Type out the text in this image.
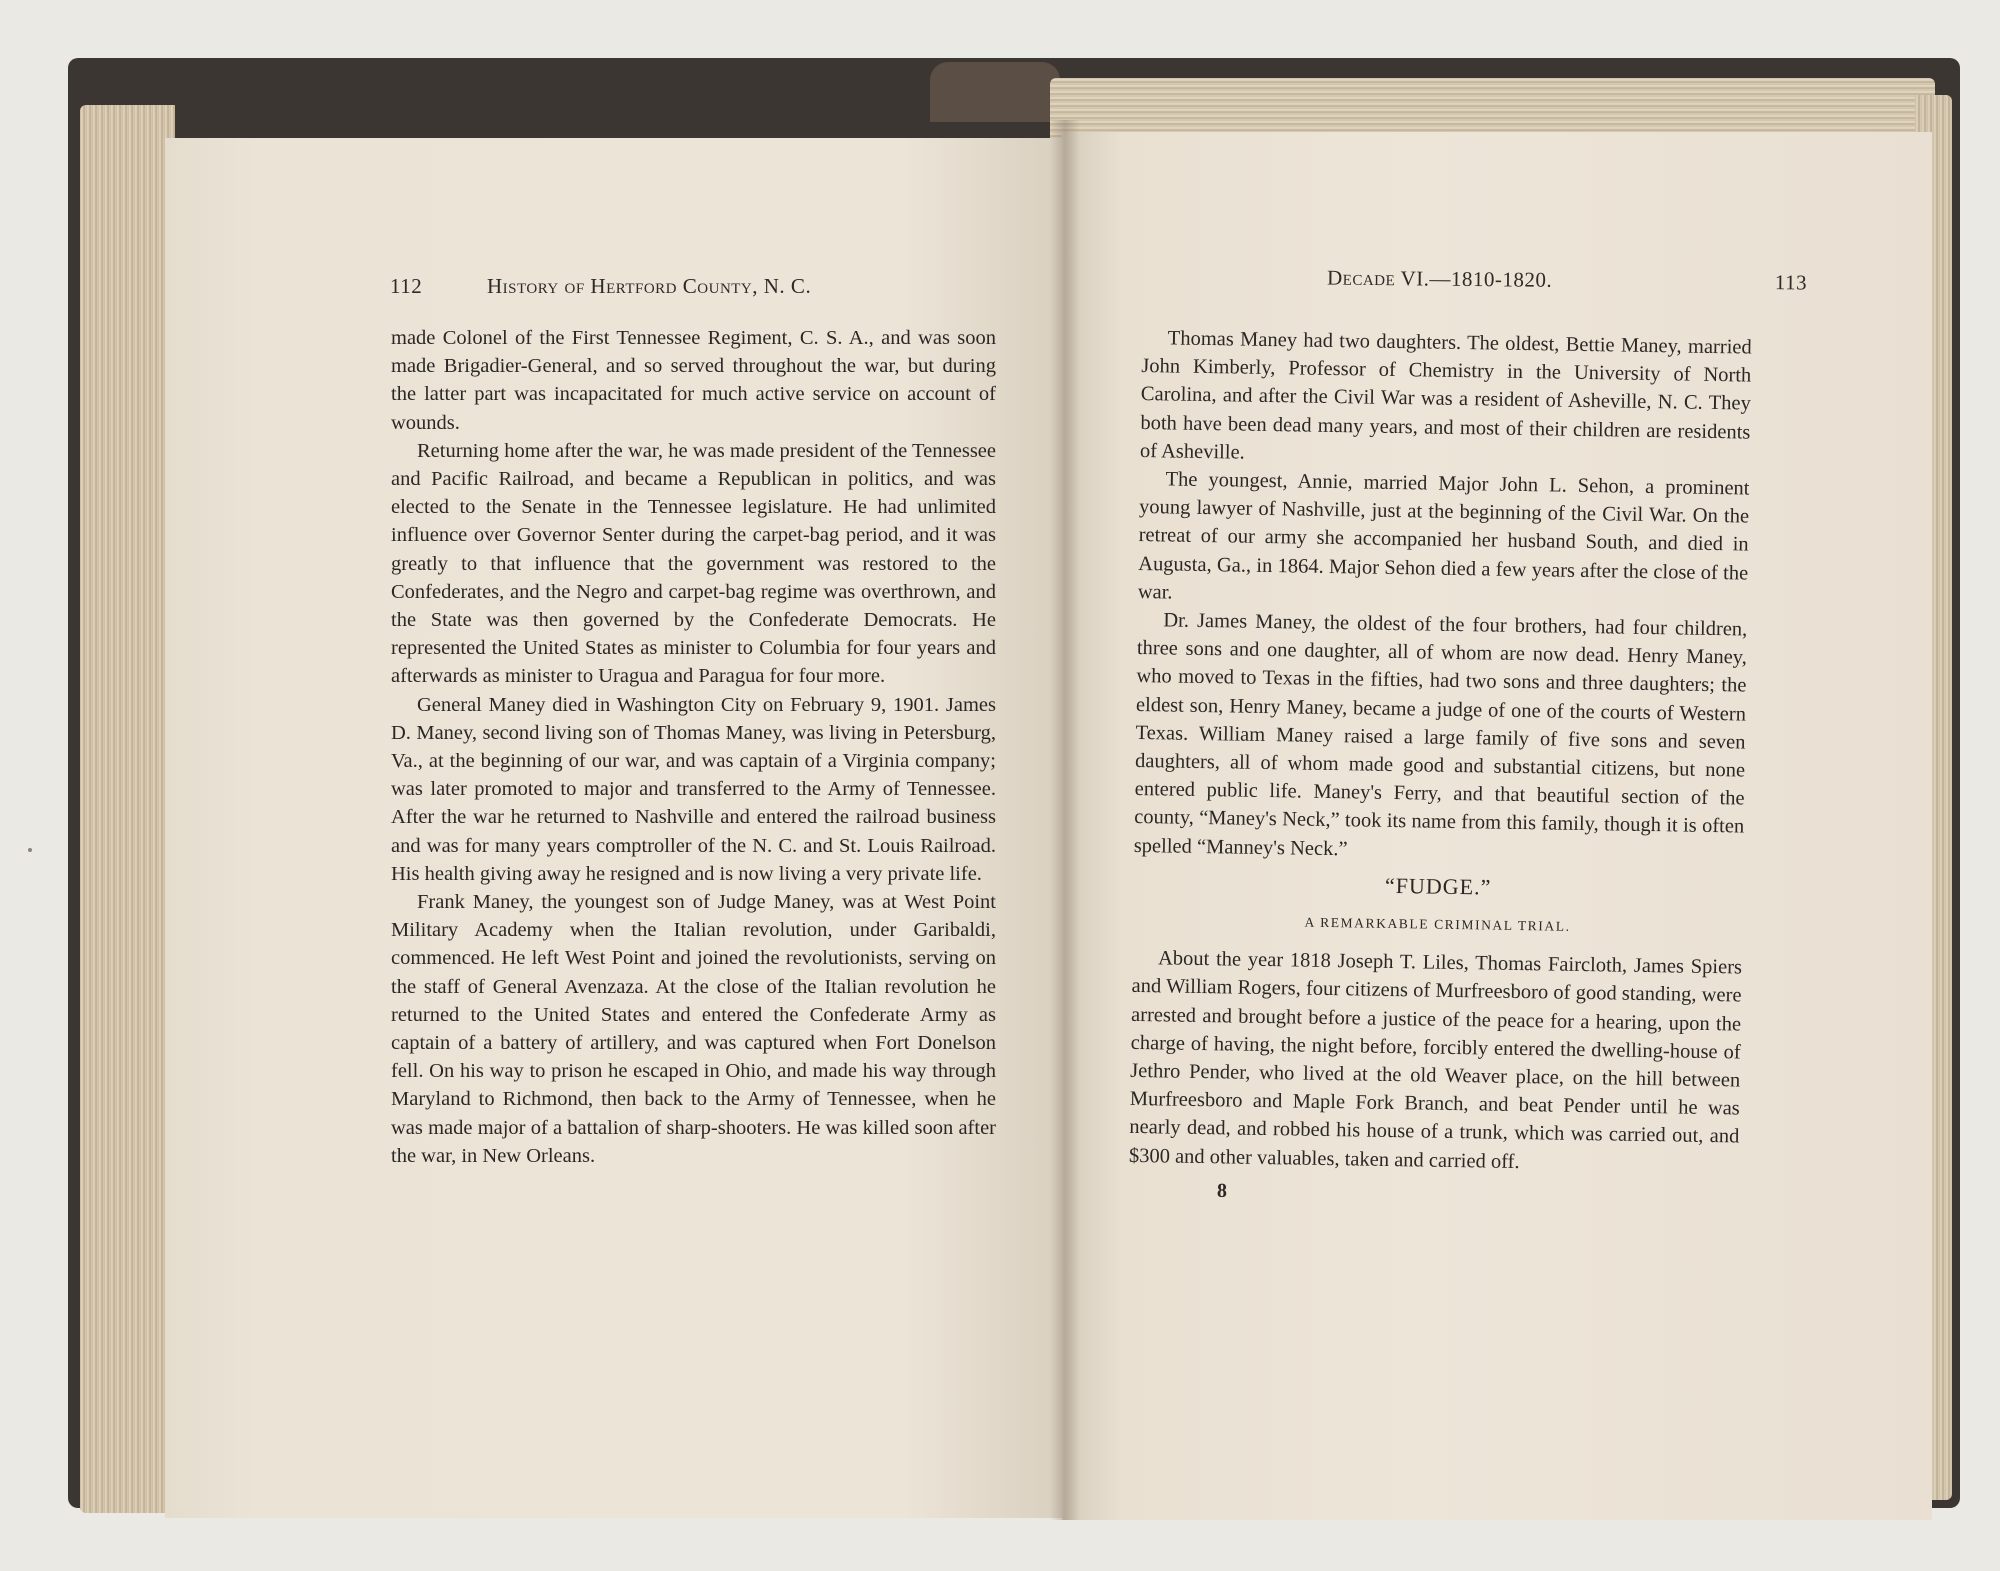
112	History of Hertford County, N. C.

made Colonel of the First Tennessee Regiment, C. S. A., and was soon made Brigadier-General, and so served throughout the war, but during the latter part was incapacitated for much active service on account of wounds.

Returning home after the war, he was made president of the Tennessee and Pacific Railroad, and became a Republican in politics, and was elected to the Senate in the Tennessee legislature. He had unlimited influence over Governor Senter during the carpet-bag period, and it was greatly to that influence that the government was restored to the Confederates, and the Negro and carpet-bag regime was overthrown, and the State was then governed by the Confederate Democrats. He represented the United States as minister to Columbia for four years and afterwards as minister to Uragua and Paragua for four more.

General Maney died in Washington City on February 9, 1901. James D. Maney, second living son of Thomas Maney, was living in Petersburg, Va., at the beginning of our war, and was captain of a Virginia company; was later promoted to major and transferred to the Army of Tennessee. After the war he returned to Nashville and entered the railroad business and was for many years comptroller of the N. C. and St. Louis Railroad. His health giving away he resigned and is now living a very private life.

Frank Maney, the youngest son of Judge Maney, was at West Point Military Academy when the Italian revolution, under Garibaldi, commenced. He left West Point and joined the revolutionists, serving on the staff of General Avenzaza. At the close of the Italian revolution he returned to the United States and entered the Confederate Army as captain of a battery of artillery, and was captured when Fort Donelson fell. On his way to prison he escaped in Ohio, and made his way through Maryland to Richmond, then back to the Army of Tennessee, when he was made major of a battalion of sharp-shooters. He was killed soon after the war, in New Orleans.

Decade VI.—1810-1820.	113

Thomas Maney had two daughters. The oldest, Bettie Maney, married John Kimberly, Professor of Chemistry in the University of North Carolina, and after the Civil War was a resident of Asheville, N. C. They both have been dead many years, and most of their children are residents of Asheville.

The youngest, Annie, married Major John L. Sehon, a prominent young lawyer of Nashville, just at the beginning of the Civil War. On the retreat of our army she accompanied her husband South, and died in Augusta, Ga., in 1864. Major Sehon died a few years after the close of the war.

Dr. James Maney, the oldest of the four brothers, had four children, three sons and one daughter, all of whom are now dead. Henry Maney, who moved to Texas in the fifties, had two sons and three daughters; the eldest son, Henry Maney, became a judge of one of the courts of Western Texas. William Maney raised a large family of five sons and seven daughters, all of whom made good and substantial citizens, but none entered public life. Maney's Ferry, and that beautiful section of the county, “Maney's Neck,” took its name from this family, though it is often spelled “Manney's Neck.”

“FUDGE.”

A REMARKABLE CRIMINAL TRIAL.

About the year 1818 Joseph T. Liles, Thomas Faircloth, James Spiers and William Rogers, four citizens of Murfreesboro of good standing, were arrested and brought before a justice of the peace for a hearing, upon the charge of having, the night before, forcibly entered the dwelling-house of Jethro Pender, who lived at the old Weaver place, on the hill between Murfreesboro and Maple Fork Branch, and beat Pender until he was nearly dead, and robbed his house of a trunk, which was carried out, and $300 and other valuables, taken and carried off.

8
